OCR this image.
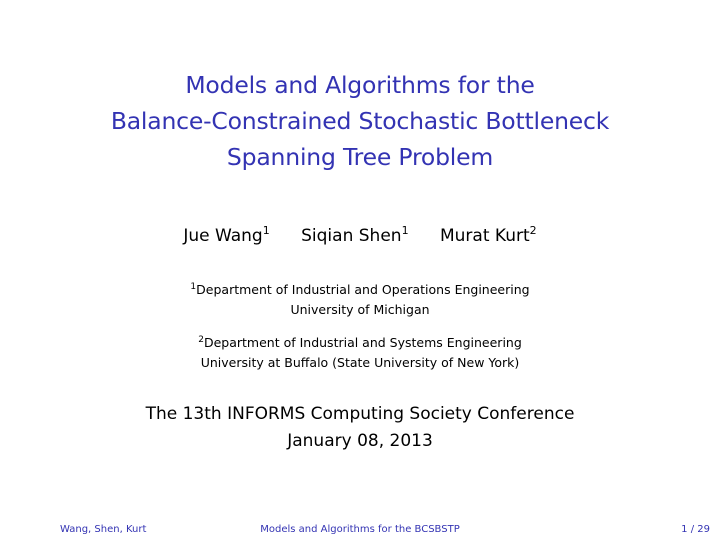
Models and Algorithms for the
Balance-Constrained Stochastic Bottleneck
Spanning Tree Problem
Jue Wang$^1$ Siqian Shen$^1$ Murat Kurt$^2$
$^1$Department of Industrial and Operations Engineering
University of Michigan
$^2$Department of Industrial and Systems Engineering
University at Buffalo (State University of New York)
The 13th INFORMS Computing Society Conference
January 08, 2013
Models and Algorithms for the BCSBSTP
Wang, Shen, Kurt	1 / 29
